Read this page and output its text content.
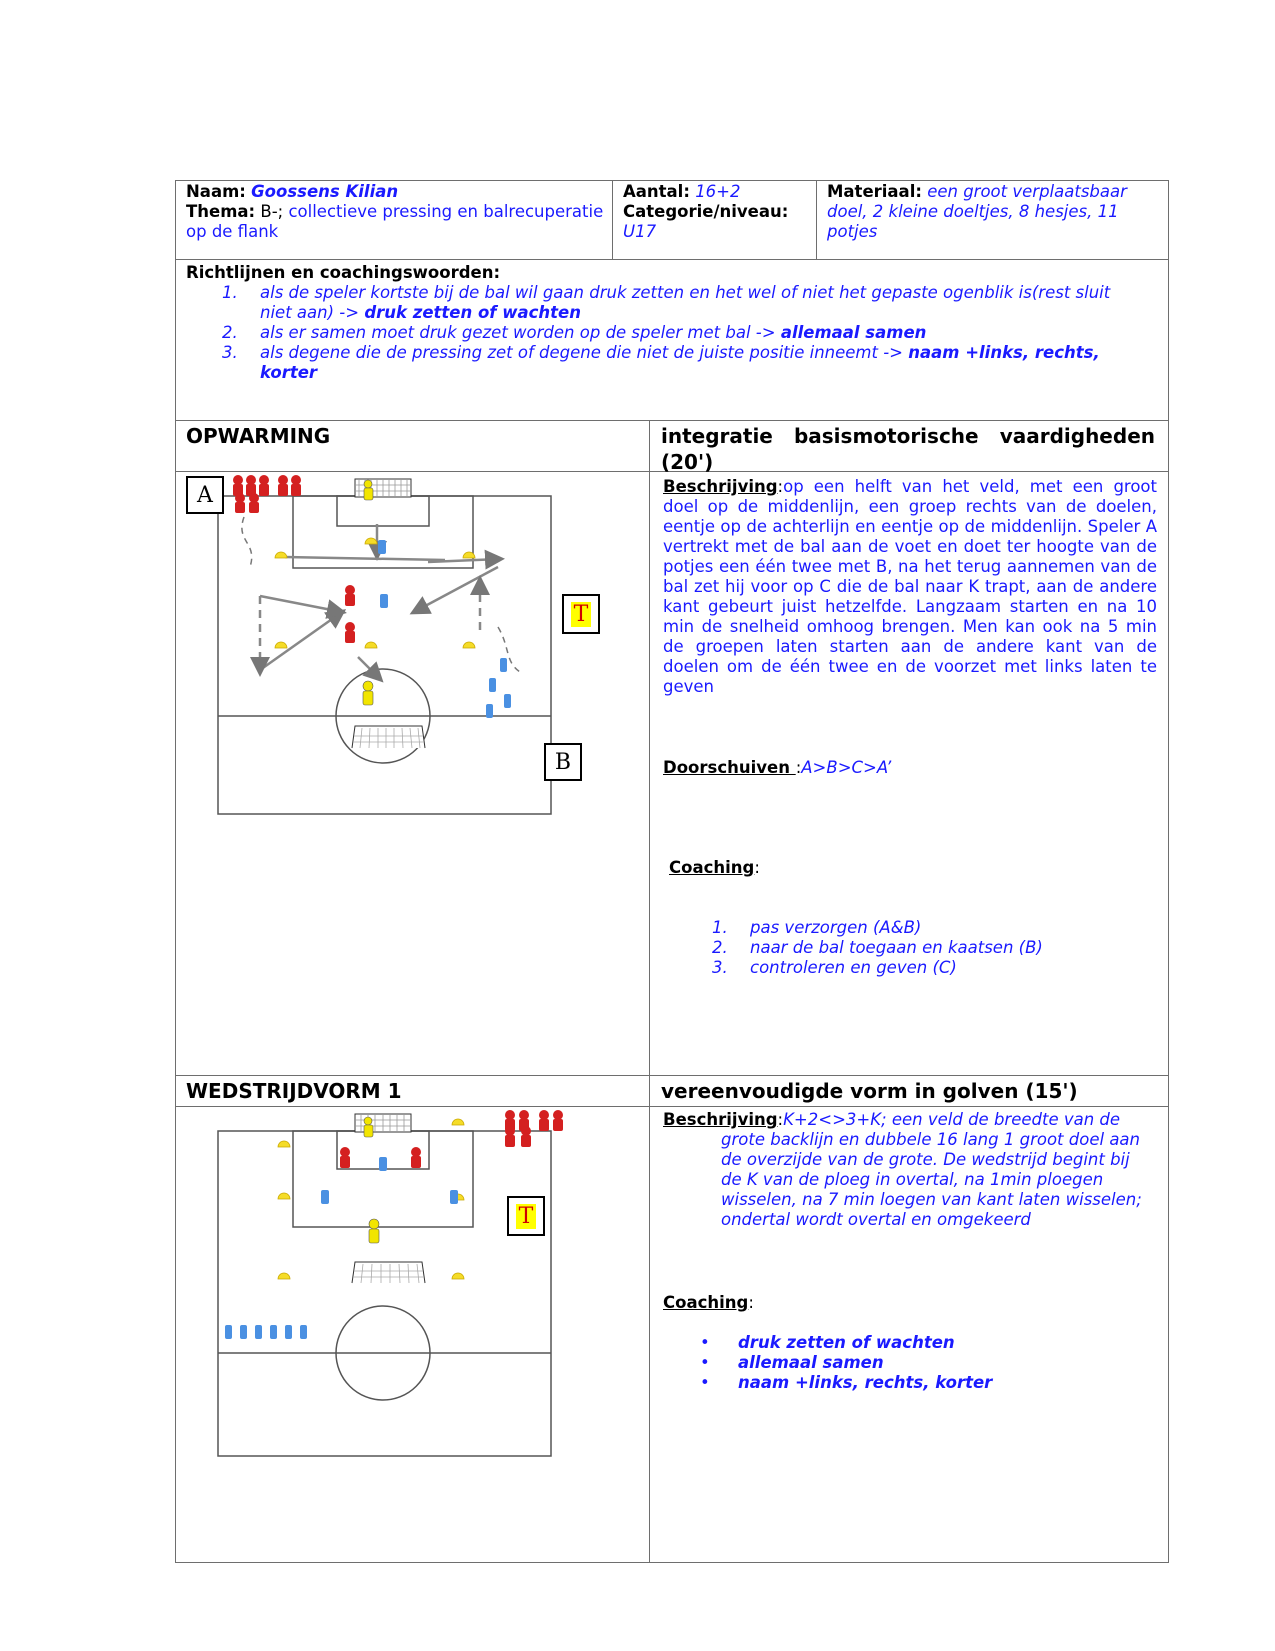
Naam: Goossens Kilian
Thema: B-; collectieve pressing en balrecuperatie op de flank
Aantal: 16+2
Categorie/niveau:
U17
Materiaal: een groot verplaatsbaar doel, 2 kleine doeltjes, 8 hesjes, 11 potjes
Richtlijnen en coachingswoorden:
1.	als de speler kortste bij de bal wil gaan druk zetten en het wel of niet het gepaste ogenblik is(rest sluit niet aan) -> druk zetten of wachten
2.	als er samen moet druk gezet worden op de speler met bal -> allemaal samen
3.	als degene die de pressing zet of degene die niet de juiste positie inneemt -> naam +links, rechts, korter
OPWARMING	integratie basismotorische vaardigheden (20')
A
B
T
Beschrijving:op een helft van het veld, met een groot doel op de middenlijn, een groep rechts van de doelen, eentje op de achterlijn en eentje op de middenlijn. Speler A vertrekt met de bal aan de voet en doet ter hoogte van de potjes een één twee met B, na het terug aannemen van de bal zet hij voor op C die de bal naar K trapt, aan de andere kant gebeurt juist hetzelfde. Langzaam starten en na 10 min de snelheid omhoog brengen. Men kan ook na 5 min de groepen laten starten aan de andere kant van de doelen om de één twee en de voorzet met links laten te geven
Doorschuiven :A>B>C>A’
Coaching:
1.	pas verzorgen (A&B)
2.	naar de bal toegaan en kaatsen (B)
3.	controleren en geven (C)
WEDSTRIJDVORM 1	vereenvoudigde vorm in golven (15')
T
Beschrijving:K+2<>3+K; een veld de breedte van de grote backlijn en dubbele 16 lang 1 groot doel aan de overzijde van de grote. De wedstrijd begint bij de K van de ploeg in overtal, na 1min ploegen wisselen, na 7 min loegen van kant laten wisselen; ondertal wordt overtal en omgekeerd
Coaching:
•	druk zetten of wachten
•	allemaal samen
•	naam +links, rechts, korter
